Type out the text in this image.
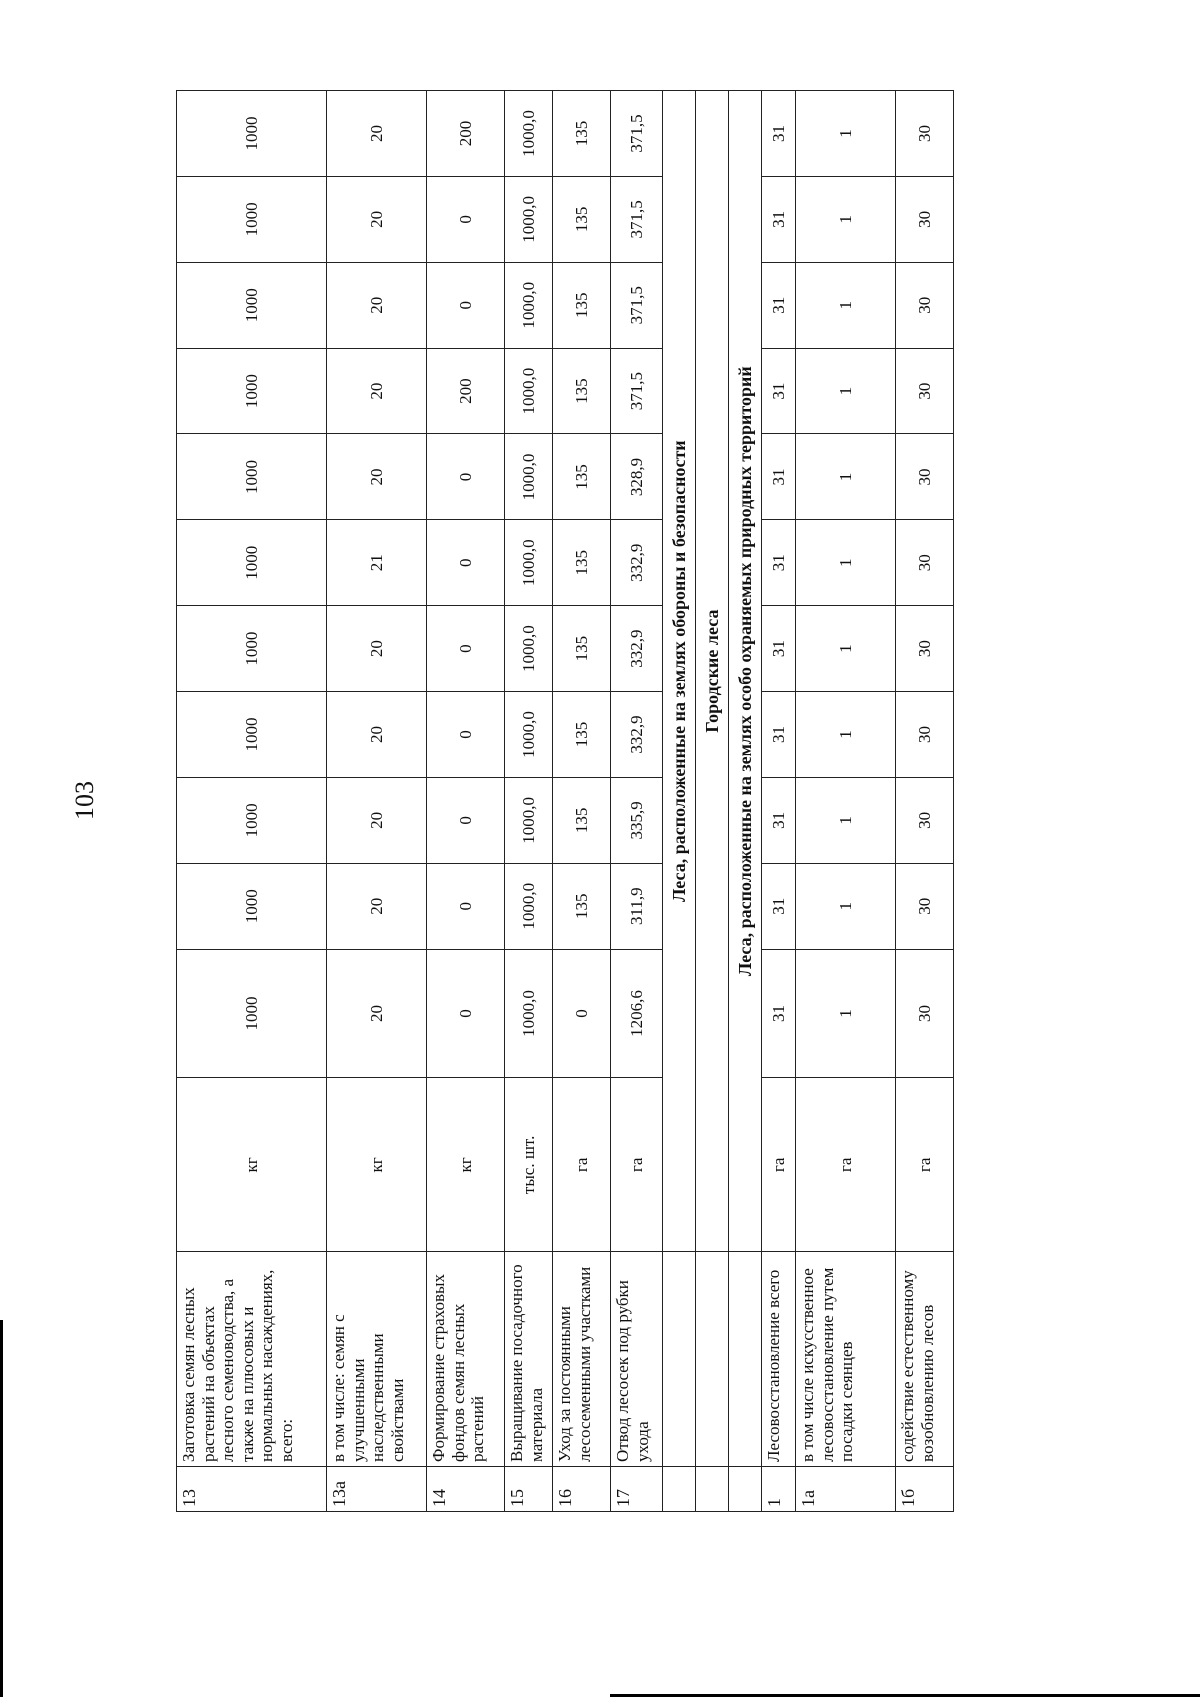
103
13	Заготовка семян лесных растений на объектах лесного семеноводства, а также на плюсовых и нормальных насаждениях, всего:	кг	1000	1000	1000	1000	1000	1000	1000	1000	1000	1000	1000
13а	в том числе: семян с улучшенными наследственными свойствами	кг	20	20	20	20	20	21	20	20	20	20	20
14	Формирование страховых фондов семян лесных растений	кг	0	0	0	0	0	0	0	200	0	0	200
15	Выращивание посадочного материала	тыс. шт.	1000,0	1000,0	1000,0	1000,0	1000,0	1000,0	1000,0	1000,0	1000,0	1000,0	1000,0
16	Уход за постоянными лесосеменными участками	га	0	135	135	135	135	135	135	135	135	135	135
17	Отвод лесосек под рубки ухода	га	1206,6	311,9	335,9	332,9	332,9	332,9	328,9	371,5	371,5	371,5	371,5
		Леса, расположенные на землях обороны и безопасности											
		Городские леса											
		Леса, расположенные на землях особо охраняемых природных территорий											
1	Лесовосстановление всего	га	31	31	31	31	31	31	31	31	31	31	31
1а	в том числе искусственное лесовосстановление путем посадки сеянцев	га	1	1	1	1	1	1	1	1	1	1	1
1б	содействие естественному возобновлению лесов	га	30	30	30	30	30	30	30	30	30	30	30
